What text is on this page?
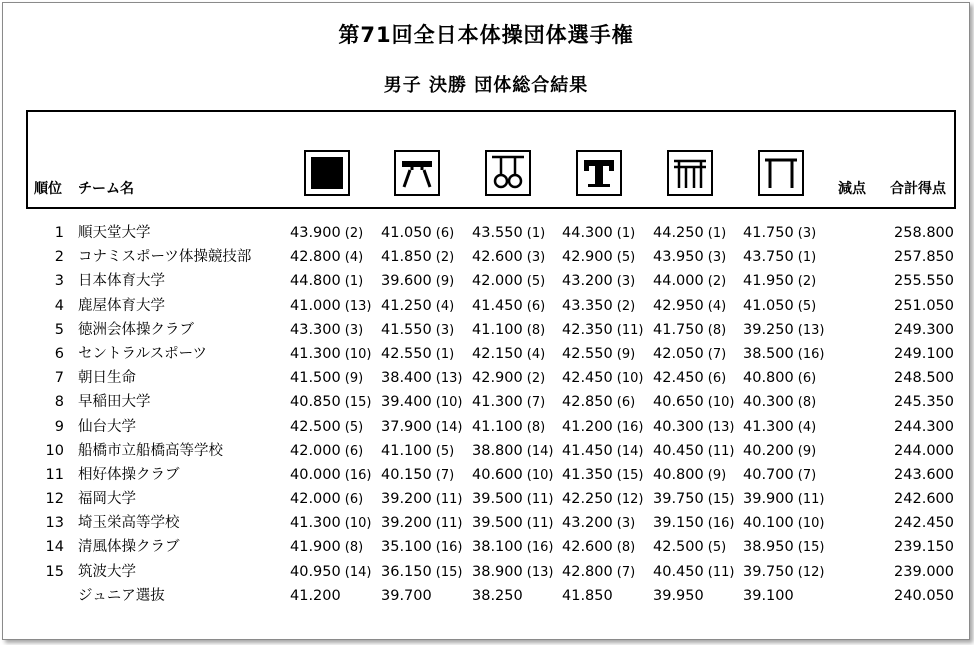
第71回全日本体操団体選手権
男子 決勝 団体総合結果
順位 チーム名	減点 合計得点
1 順天堂大学	43.900 (2) 41.050 (6) 43.550 (1) 44.300 (1) 44.250 (1) 41.750 (3)	258.800
2 コナミスポーツ体操競技部	42.800 (4) 41.850 (2) 42.600 (3) 42.900 (5) 43.950 (3) 43.750 (1)	257.850
3 日本体育大学	44.800 (1) 39.600 (9) 42.000 (5) 43.200 (3) 44.000 (2) 41.950 (2)	255.550
4 鹿屋体育大学	41.000 (13) 41.250 (4) 41.450 (6) 43.350 (2) 42.950 (4) 41.050 (5)	251.050
5 徳洲会体操クラブ	43.300 (3) 41.550 (3) 41.100 (8) 42.350 (11) 41.750 (8) 39.250 (13)	249.300
6 セントラルスポーツ	41.300 (10) 42.550 (1) 42.150 (4) 42.550 (9) 42.050 (7) 38.500 (16)	249.100
7 朝日生命	41.500 (9) 38.400 (13) 42.900 (2) 42.450 (10) 42.450 (6) 40.800 (6)	248.500
8 早稲田大学	40.850 (15) 39.400 (10) 41.300 (7) 42.850 (6) 40.650 (10) 40.300 (8)	245.350
9 仙台大学	42.500 (5) 37.900 (14) 41.100 (8) 41.200 (16) 40.300 (13) 41.300 (4)	244.300
10 船橋市立船橋高等学校	42.000 (6) 41.100 (5) 38.800 (14) 41.450 (14) 40.450 (11) 40.200 (9)	244.000
11 相好体操クラブ	40.000 (16) 40.150 (7) 40.600 (10) 41.350 (15) 40.800 (9) 40.700 (7)	243.600
12 福岡大学	42.000 (6) 39.200 (11) 39.500 (11) 42.250 (12) 39.750 (15) 39.900 (11)	242.600
13 埼玉栄高等学校	41.300 (10) 39.200 (11) 39.500 (11) 43.200 (3) 39.150 (16) 40.100 (10)	242.450
14 清風体操クラブ	41.900 (8) 35.100 (16) 38.100 (16) 42.600 (8) 42.500 (5) 38.950 (15)	239.150
15 筑波大学	40.950 (14) 36.150 (15) 38.900 (13) 42.800 (7) 40.450 (11) 39.750 (12)	239.000
ジュニア選抜	41.200	39.700	38.250	41.850	39.950	39.100	240.050
